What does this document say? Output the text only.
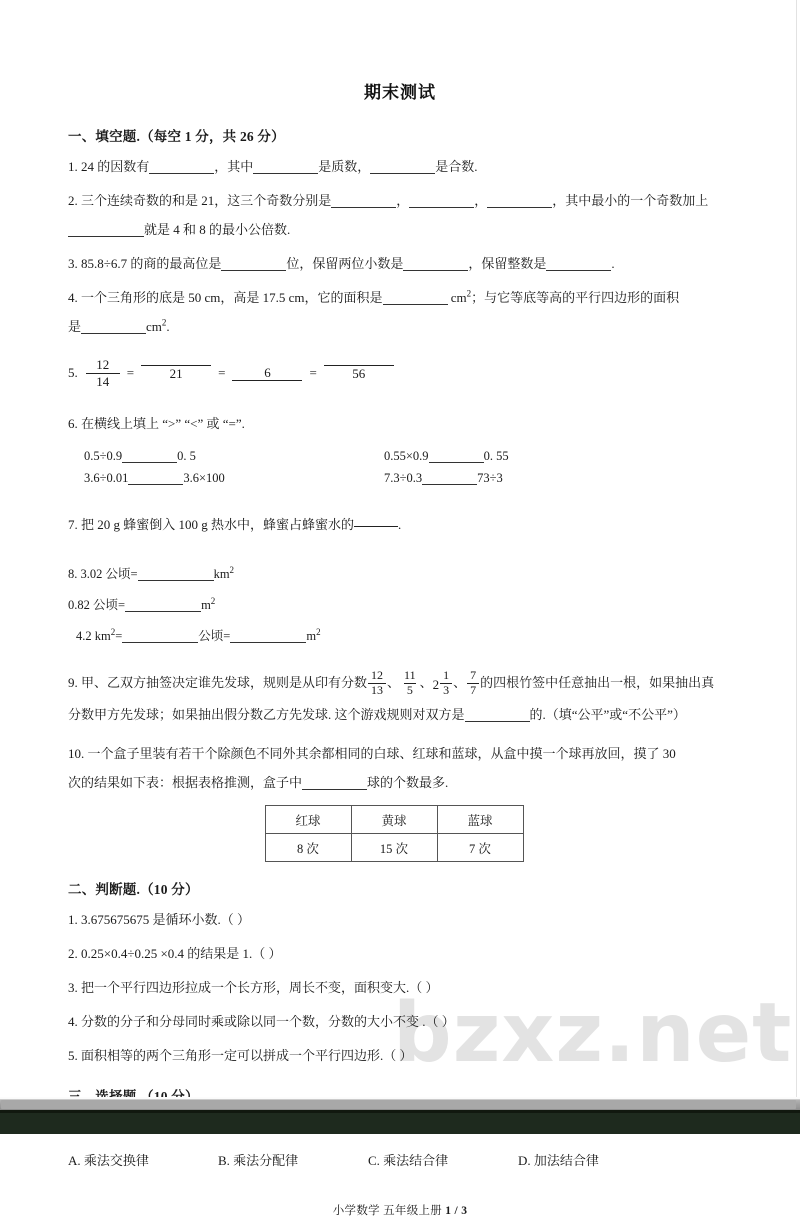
bzxz.net
期末测试
一、填空题.（每空 1 分，共 26 分）
1. 24 的因数有	，其中	是质数，	是合数.
2. 三个连续奇数的和是 21，这三个奇数分别是	，	，	，其中最小的一个奇数加上
就是 4 和 8 的最小公倍数.
3. 85.8÷6.7 的商的最高位是	位，保留两位小数是	，保留整数是	.
4. 一个三角形的底是 50 cm，高是 17.5 cm，它的面积是	$cm^2$；与它等底等高的平行四边形的面积
是	$cm^2$.
5. $\frac{12}{14}$ =	21	=	6	=	56
6. 在横线上填上 “>” “<” 或 “=”.
0.5÷0.9	0. 5	0.55×0.9	0. 55
3.6÷0.01	3.6×100	7.3÷0.3	73÷3
7. 把 20 g 蜂蜜倒入 100 g 热水中，蜂蜜占蜂蜜水的	.
8. 3.02 公顷=	$km^2$
0.82 公顷=	$m^2$
4.2 $km^2=$	公顷=	$m^2$
9. 甲、乙双方抽签决定谁先发球，规则是从印有分数 $\frac{12}{13}$ 、 $\frac{11}{5}$ 、 $2 \frac{1}{3}$ 、 $\frac{7}{7}$ 的四根竹签中任意抽出一根，如果抽出真
分数甲方先发球；如果抽出假分数乙方先发球. 这个游戏规则对双方是	的.（填“公平”或“不公平”）
10. 一个盒子里装有若干个除颜色不同外其余都相同的白球、红球和蓝球，从盒中摸一个球再放回，摸了 30
次的结果如下表：根据表格推测，盒子中	球的个数最多.
红球	黄球	蓝球
8 次	15 次	7 次
二、判断题.（10 分）
1. 3.675675675 是循环小数.（ ）
2. 0.25×0.4÷0.25 ×0.4 的结果是 1.（ ）
3. 把一个平行四边形拉成一个长方形，周长不变，面积变大.（ ）
4. 分数的分子和分母同时乘或除以同一个数，分数的大小不变 .（ ）
5. 面积相等的两个三角形一定可以拼成一个平行四边形.（ ）
A. 乘法交换律	B. 乘法分配律	C. 乘法结合律	D. 加法结合律
小学数学 五年级上册 1 / 3
